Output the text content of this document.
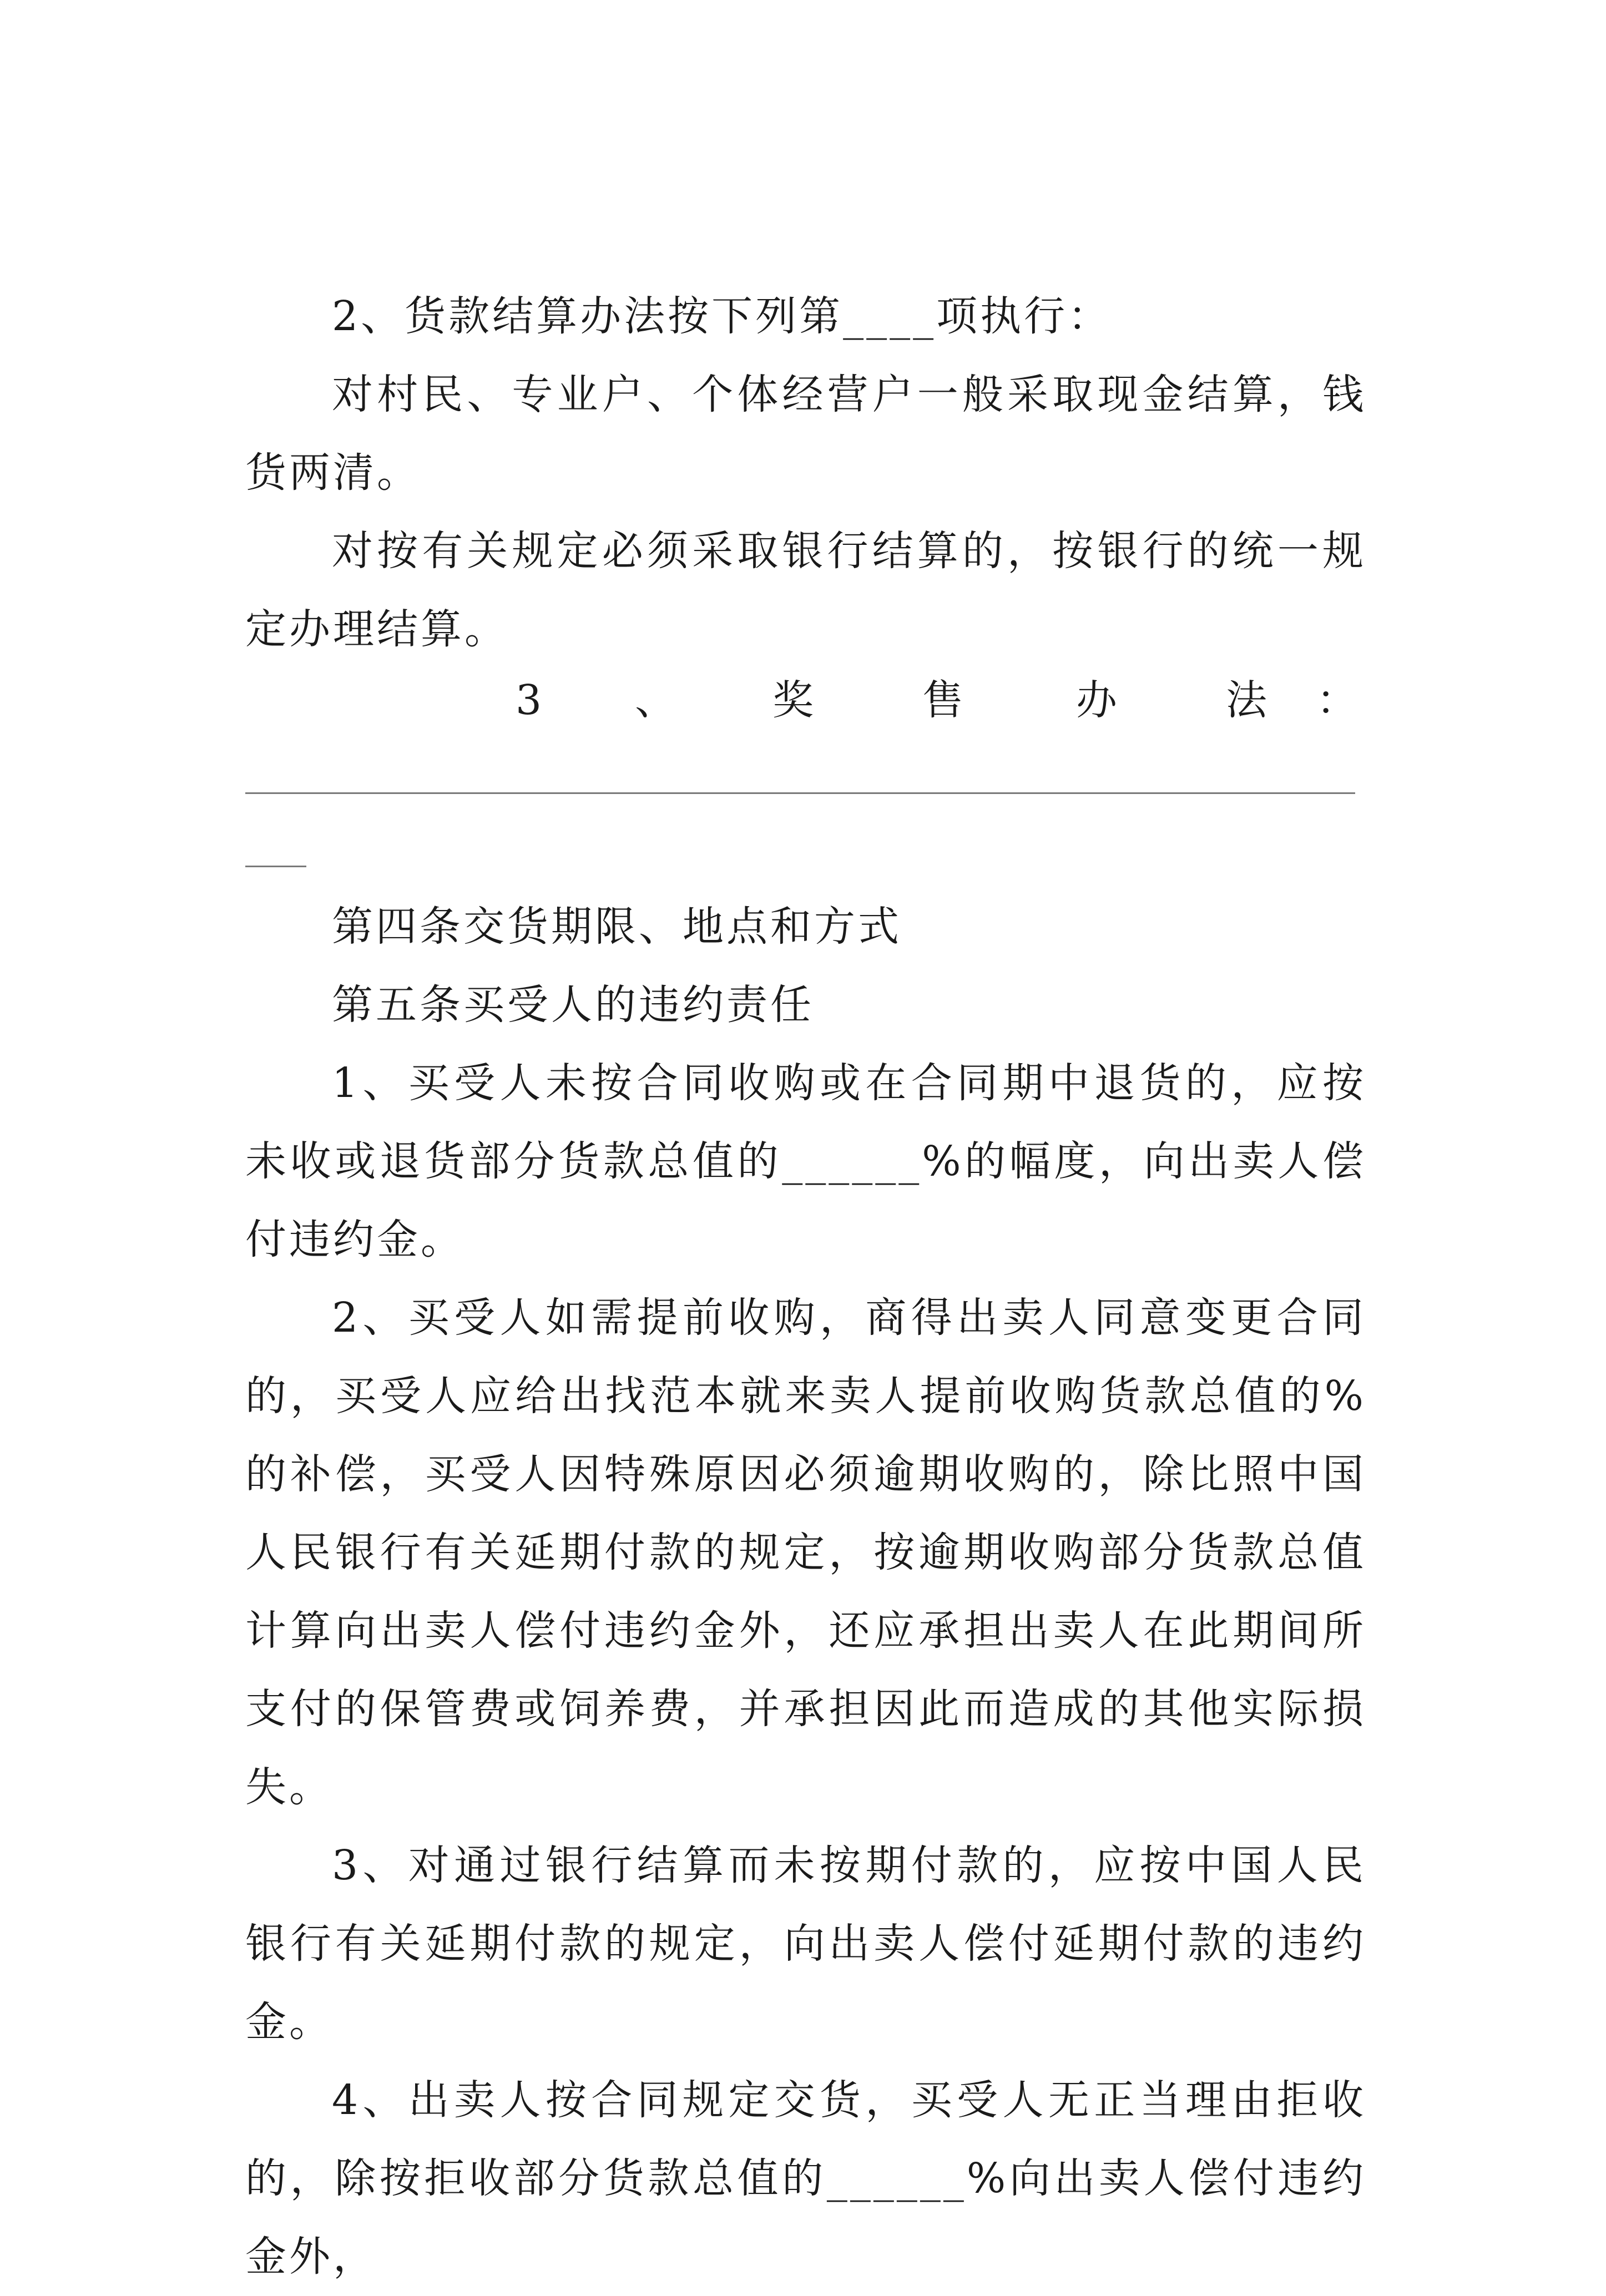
2、货款结算办法按下列第____项执行：

对村民、专业户、个体经营户一般采取现金结算，钱货两清。

对按有关规定必须采取银行结算的，按银行的统一规定办理结算。

3 、 奖	售	办	法 ：

第四条交货期限、地点和方式

第五条买受人的违约责任

1、买受人未按合同收购或在合同期中退货的，应按未收或退货部分货款总值的______%的幅度，向出卖人偿付违约金。

2、买受人如需提前收购，商得出卖人同意变更合同的，买受人应给出找范本就来卖人提前收购货款总值的%的补偿，买受人因特殊原因必须逾期收购的，除比照中国人民银行有关延期付款的规定，按逾期收购部分货款总值计算向出卖人偿付违约金外，还应承担出卖人在此期间所支付的保管费或饲养费，并承担因此而造成的其他实际损失。

3、对通过银行结算而未按期付款的，应按中国人民银行有关延期付款的规定，向出卖人偿付延期付款的违约金。

4、出卖人按合同规定交货，买受人无正当理由拒收的，除按拒收部分货款总值的______%向出卖人偿付违约金外，
